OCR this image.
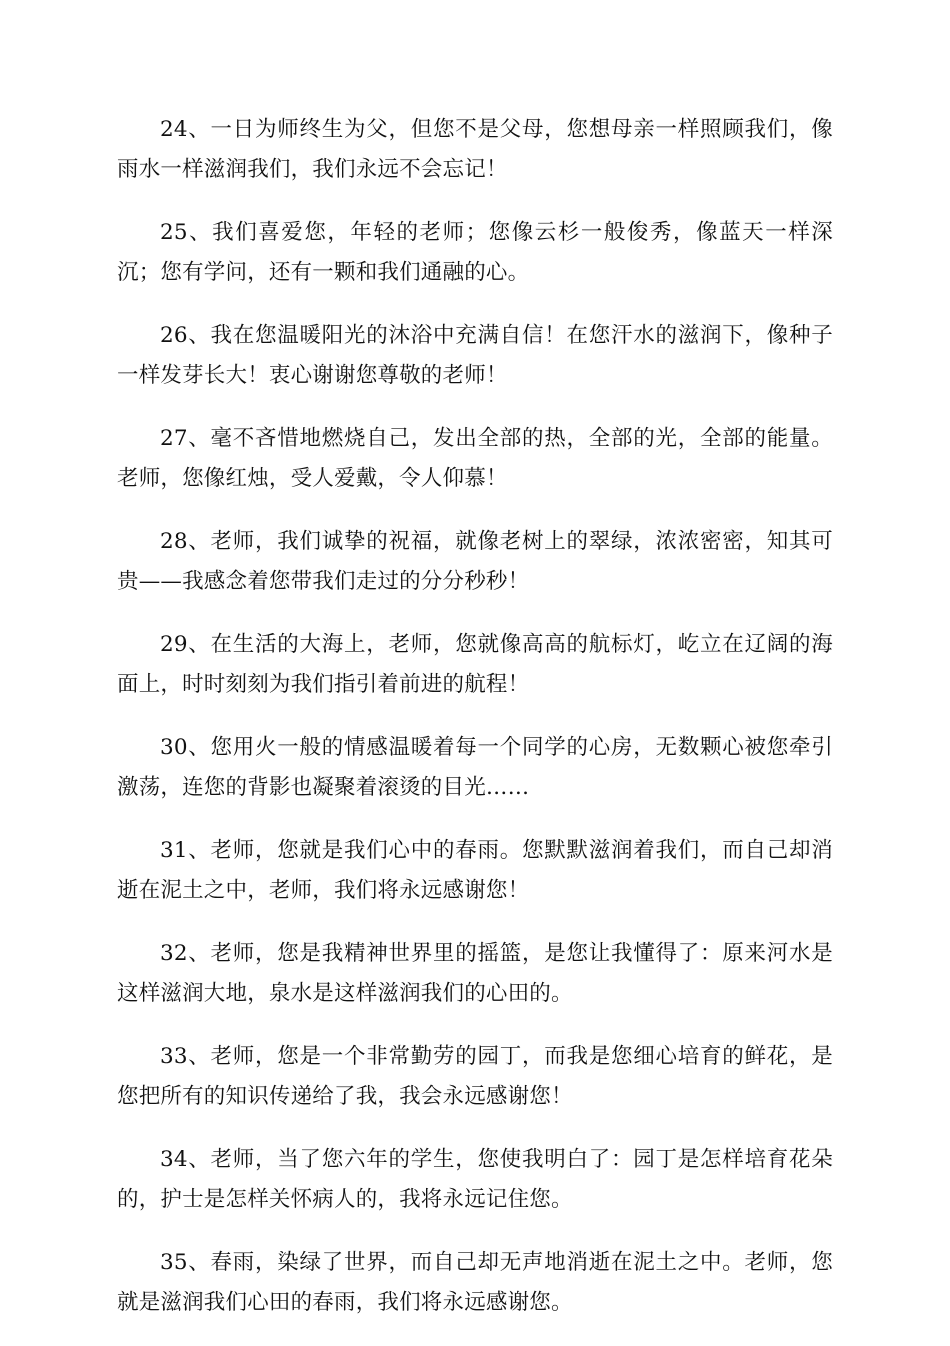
24、一日为师终生为父，但您不是父母，您想母亲一样照顾我们，像雨水一样滋润我们，我们永远不会忘记！

25、我们喜爱您，年轻的老师；您像云杉一般俊秀，像蓝天一样深沉；您有学问，还有一颗和我们通融的心。

26、我在您温暖阳光的沐浴中充满自信！在您汗水的滋润下，像种子一样发芽长大！衷心谢谢您尊敬的老师！

27、毫不吝惜地燃烧自己，发出全部的热，全部的光，全部的能量。老师，您像红烛，受人爱戴，令人仰慕！

28、老师，我们诚挚的祝福，就像老树上的翠绿，浓浓密密，知其可贵——我感念着您带我们走过的分分秒秒！

29、在生活的大海上，老师，您就像高高的航标灯，屹立在辽阔的海面上，时时刻刻为我们指引着前进的航程！

30、您用火一般的情感温暖着每一个同学的心房，无数颗心被您牵引激荡，连您的背影也凝聚着滚烫的目光……

31、老师，您就是我们心中的春雨。您默默滋润着我们，而自己却消逝在泥土之中，老师，我们将永远感谢您！

32、老师，您是我精神世界里的摇篮，是您让我懂得了：原来河水是这样滋润大地，泉水是这样滋润我们的心田的。

33、老师，您是一个非常勤劳的园丁，而我是您细心培育的鲜花，是您把所有的知识传递给了我，我会永远感谢您！

34、老师，当了您六年的学生，您使我明白了：园丁是怎样培育花朵的，护士是怎样关怀病人的，我将永远记住您。

35、春雨，染绿了世界，而自己却无声地消逝在泥土之中。老师，您就是滋润我们心田的春雨，我们将永远感谢您。
